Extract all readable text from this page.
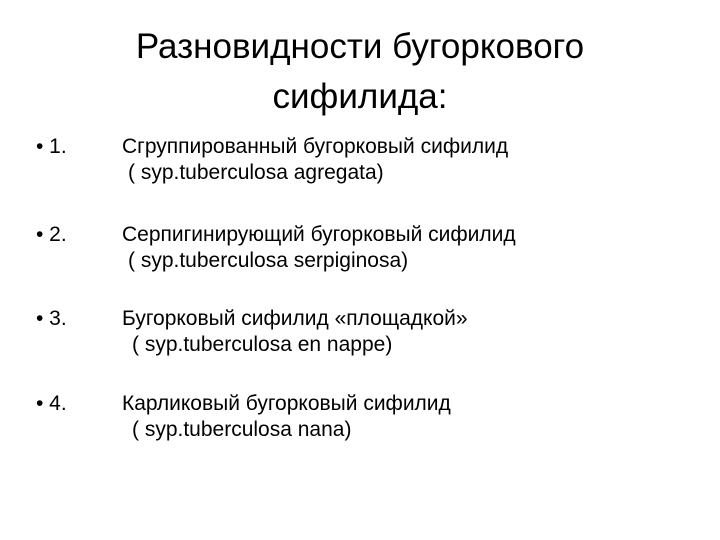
Разновидности бугоркового
сифилида:
• 1.	Сгруппированный бугорковый сифилид
( syp.tuberculosa agregata)
• 2.	Серпигинирующий бугорковый сифилид
( syp.tuberculosa serpiginosa)
• 3.	Бугорковый сифилид «площадкой»
( syp.tuberculosa en nappe)
• 4.	Карликовый бугорковый сифилид
( syp.tuberculosa nana)
